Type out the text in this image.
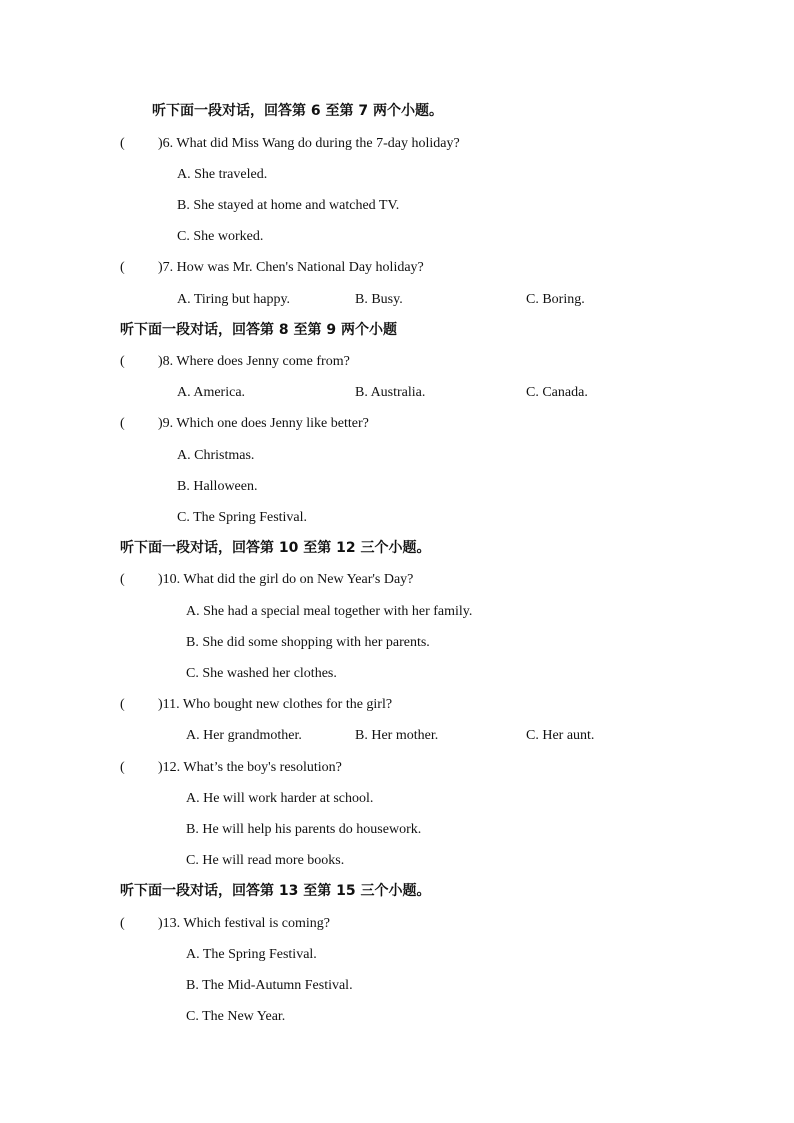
听下面一段对话，回答第 6 至第 7 两个小题。
( )6. What did Miss Wang do during the 7-day holiday?
A. She traveled.
B. She stayed at home and watched TV.
C. She worked.
( )7. How was Mr. Chen's National Day holiday?
A. Tiring but happy.	B. Busy.	C. Boring.
听下面一段对话，回答第 8 至第 9 两个小题
( )8. Where does Jenny come from?
A. America.	B. Australia.	C. Canada.
( )9. Which one does Jenny like better?
A. Christmas.
B. Halloween.
C. The Spring Festival.
听下面一段对话，回答第 10 至第 12 三个小题。
( )10. What did the girl do on New Year's Day?
A. She had a special meal together with her family.
B. She did some shopping with her parents.
C. She washed her clothes.
( )11. Who bought new clothes for the girl?
A. Her grandmother.	B. Her mother.	C. Her aunt.
( )12. What’s the boy's resolution?
A. He will work harder at school.
B. He will help his parents do housework.
C. He will read more books.
听下面一段对话，回答第 13 至第 15 三个小题。
( )13. Which festival is coming?
A. The Spring Festival.
B. The Mid-Autumn Festival.
C. The New Year.
